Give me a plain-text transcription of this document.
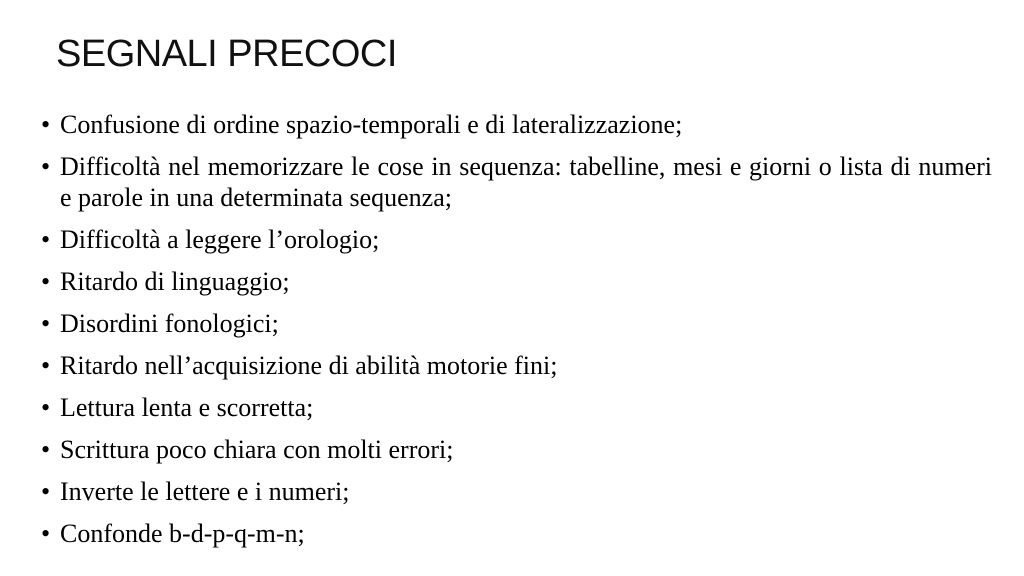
SEGNALI PRECOCI
• Confusione di ordine spazio-temporali e di lateralizzazione;
• Difficoltà nel memorizzare le cose in sequenza: tabelline, mesi e giorni o lista di numeri e parole in una determinata sequenza;
• Difficoltà a leggere l’orologio;
• Ritardo di linguaggio;
• Disordini fonologici;
• Ritardo nell’acquisizione di abilità motorie fini;
• Lettura lenta e scorretta;
• Scrittura poco chiara con molti errori;
• Inverte le lettere e i numeri;
• Confonde b-d-p-q-m-n;
